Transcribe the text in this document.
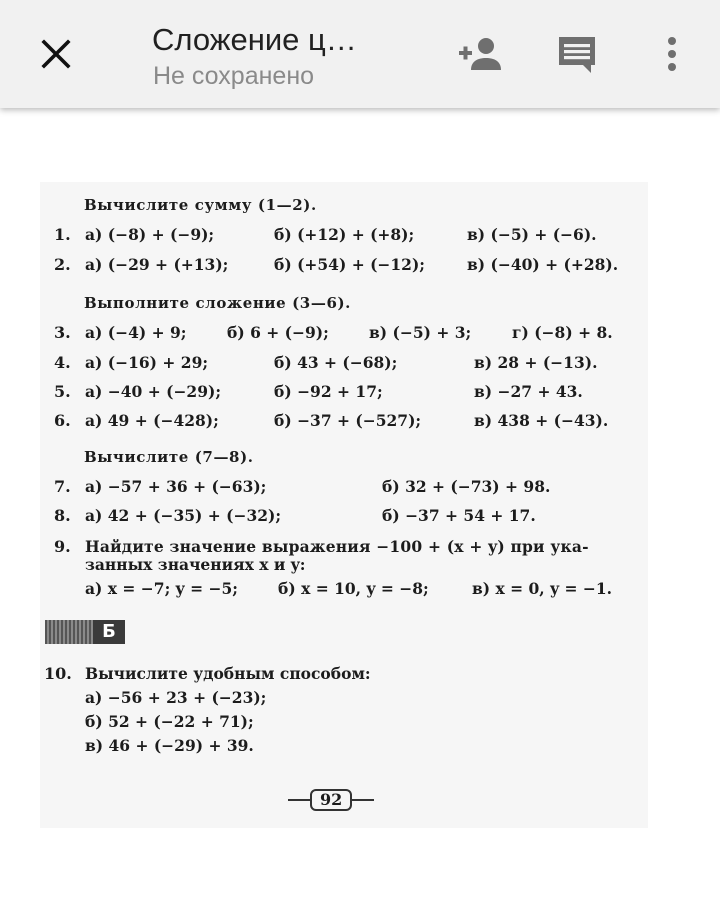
Сложение ц…
Не сохранено
Вычислите сумму (1—2).
1. а) (−8) + (−9);	б) (+12) + (+8);	в) (−5) + (−6).
2. а) (−29 + (+13);	б) (+54) + (−12);	в) (−40) + (+28).
Выполните сложение (3—6).
3. а) (−4) + 9;	б) 6 + (−9);	в) (−5) + 3;	г) (−8) + 8.
4. а) (−16) + 29;	б) 43 + (−68);	в) 28 + (−13).
5. а) −40 + (−29);	б) −92 + 17;	в) −27 + 43.
6. а) 49 + (−428);	б) −37 + (−527);	в) 438 + (−43).
Вычислите (7—8).
7. а) −57 + 36 + (−63);	б) 32 + (−73) + 98.
8. а) 42 + (−35) + (−32);	б) −37 + 54 + 17.
9. Найдите значение выражения −100 + (x + y) при ука-
занных значениях x и y:
а) x = −7; y = −5;	б) x = 10, y = −8;	в) x = 0, y = −1.
Б
10. Вычислите удобным способом:
а) −56 + 23 + (−23);
б) 52 + (−22 + 71);
в) 46 + (−29) + 39.
92
